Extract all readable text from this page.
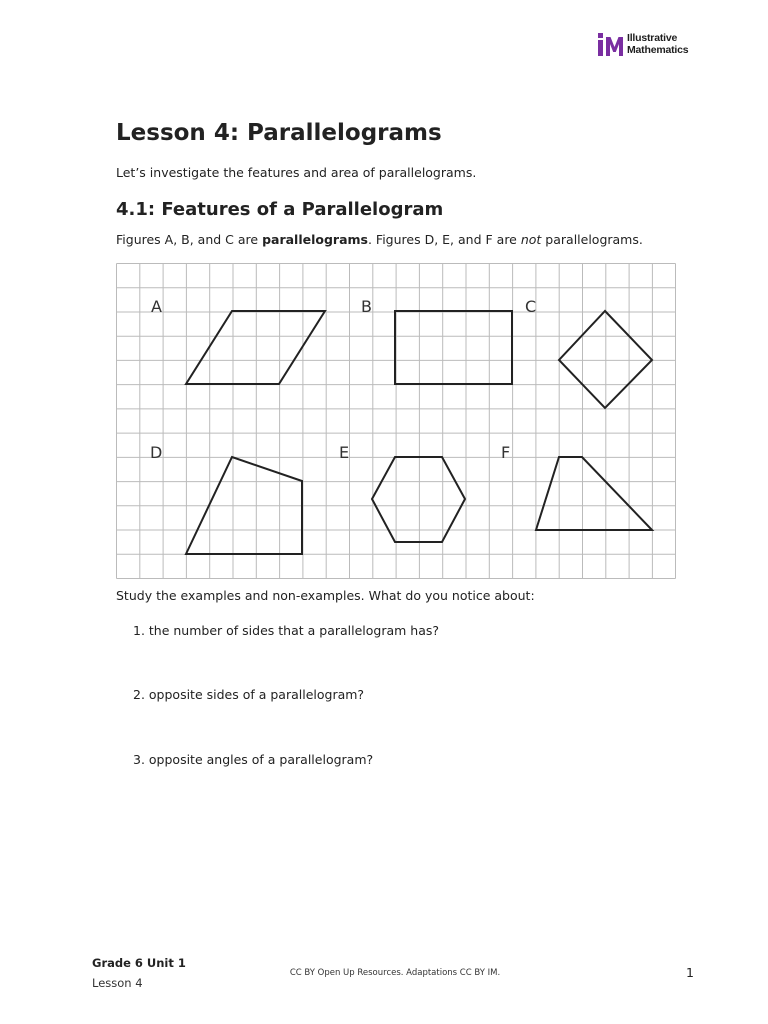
Illustrative
Mathematics
Lesson 4: Parallelograms

Let’s investigate the features and area of parallelograms.

4.1: Features of a Parallelogram

Figures A, B, and C are parallelograms. Figures D, E, and F are not parallelograms.

A	B	C
D	E	F

Study the examples and non-examples. What do you notice about:

1. the number of sides that a parallelogram has?
2. opposite sides of a parallelogram?
3. opposite angles of a parallelogram?

Grade 6 Unit 1

Lesson 4

CC BY Open Up Resources. Adaptations CC BY IM.	1
